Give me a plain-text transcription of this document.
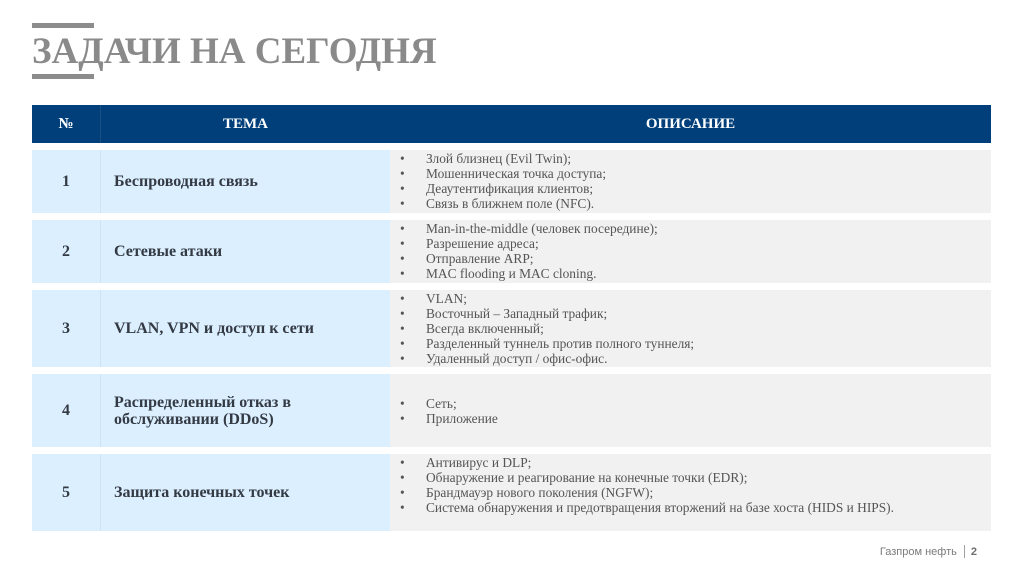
ЗАДАЧИ НА СЕГОДНЯ
№	ТЕМА	ОПИСАНИЕ
1	Беспроводная связь
• Злой близнец (Evil Twin);
• Мошенническая точка доступа;
• Деаутентификация клиентов;
• Связь в ближнем поле (NFC).
2	Сетевые атаки
• Man-in-the-middle (человек посередине);
• Разрешение адреса;
• Отправление ARP;
• MAC flooding и MAC cloning.
3	VLAN, VPN и доступ к сети
• VLAN;
• Восточный – Западный трафик;
• Всегда включенный;
• Разделенный туннель против полного туннеля;
• Удаленный доступ / офис-офис.
4	Распределенный отказ в обслуживании (DDoS)
• Сеть;
• Приложение
5	Защита конечных точек
• Антивирус и DLP;
• Обнаружение и реагирование на конечные точки (EDR);
• Брандмауэр нового поколения (NGFW);
• Система обнаружения и предотвращения вторжений на базе хоста (HIDS и HIPS).
Газпром нефть 2
